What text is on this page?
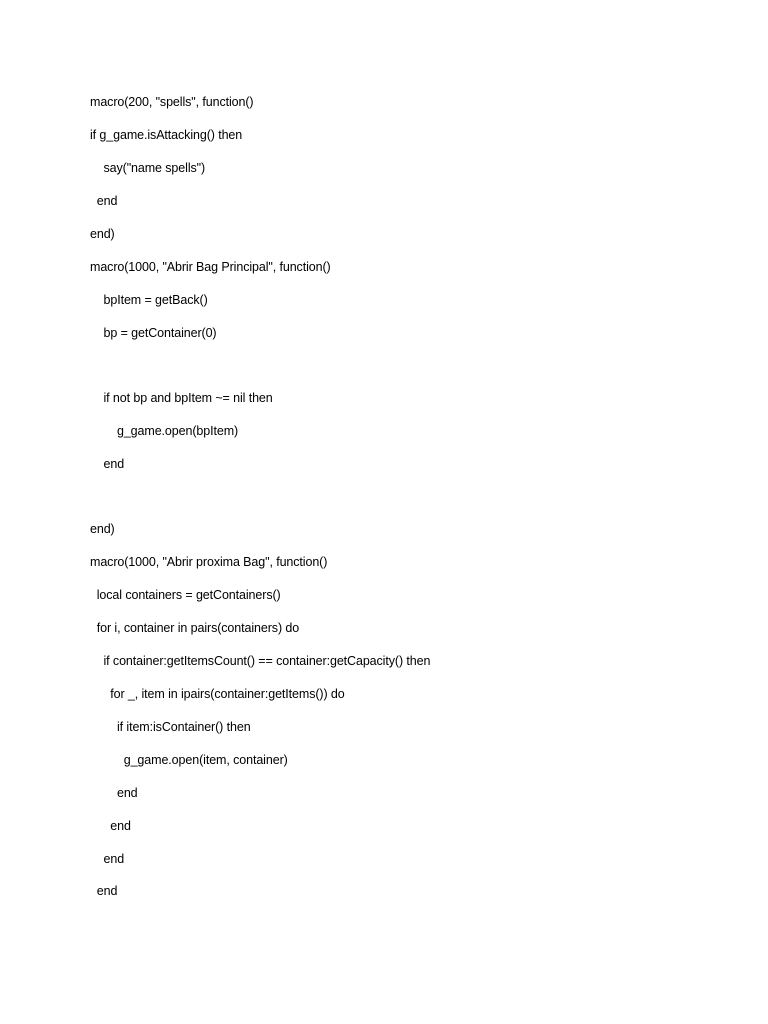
macro(200, "spells", function()
if g_game.isAttacking() then
say("name spells")
end
end)
macro(1000, "Abrir Bag Principal", function()
bpItem = getBack()
bp = getContainer(0)
if not bp and bpItem ~= nil then
g_game.open(bpItem)
end
end)
macro(1000, "Abrir proxima Bag", function()
local containers = getContainers()
for i, container in pairs(containers) do
if container:getItemsCount() == container:getCapacity() then
for _, item in ipairs(container:getItems()) do
if item:isContainer() then
g_game.open(item, container)
end
end
end
end
